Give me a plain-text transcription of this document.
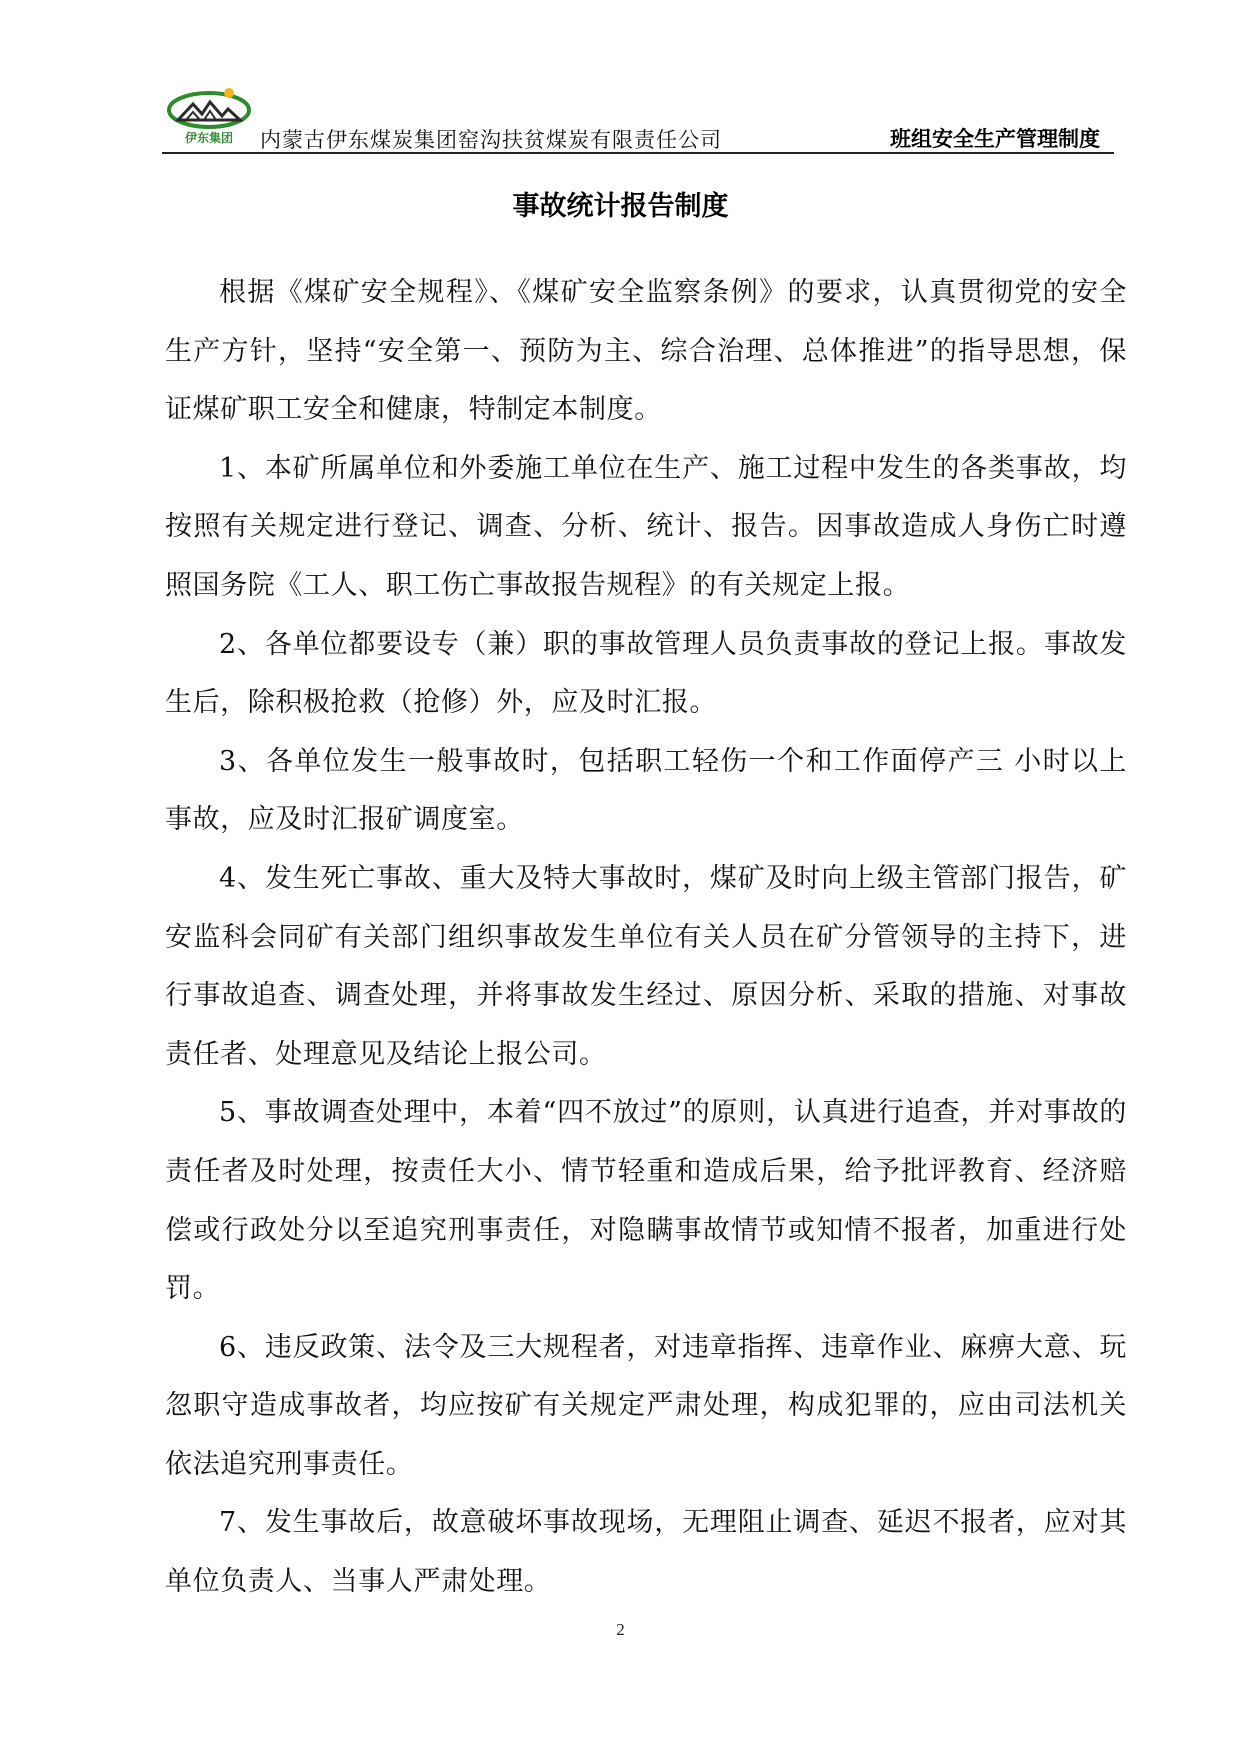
伊东集团 内蒙古伊东煤炭集团窑沟扶贫煤炭有限责任公司	班组安全生产管理制度
事故统计报告制度

根据《煤矿安全规程》、《煤矿安全监察条例》的要求，认真贯彻党的安全生产方针，坚持“安全第一、预防为主、综合治理、总体推进”的指导思想，保证煤矿职工安全和健康，特制定本制度。

1、本矿所属单位和外委施工单位在生产、施工过程中发生的各类事故，均按照有关规定进行登记、调查、分析、统计、报告。因事故造成人身伤亡时遵照国务院《工人、职工伤亡事故报告规程》的有关规定上报。

2、各单位都要设专（兼）职的事故管理人员负责事故的登记上报。事故发生后，除积极抢救（抢修）外，应及时汇报。

3、各单位发生一般事故时，包括职工轻伤一个和工作面停产三 小时以上事故，应及时汇报矿调度室。

4、发生死亡事故、重大及特大事故时，煤矿及时向上级主管部门报告，矿安监科会同矿有关部门组织事故发生单位有关人员在矿分管领导的主持下，进行事故追查、调查处理，并将事故发生经过、原因分析、采取的措施、对事故责任者、处理意见及结论上报公司。

5、事故调查处理中，本着“四不放过”的原则，认真进行追查，并对事故的责任者及时处理，按责任大小、情节轻重和造成后果，给予批评教育、经济赔偿或行政处分以至追究刑事责任，对隐瞒事故情节或知情不报者，加重进行处罚。

6、违反政策、法令及三大规程者，对违章指挥、违章作业、麻痹大意、玩忽职守造成事故者，均应按矿有关规定严肃处理，构成犯罪的，应由司法机关依法追究刑事责任。

7、发生事故后，故意破坏事故现场，无理阻止调查、延迟不报者，应对其单位负责人、当事人严肃处理。

2
